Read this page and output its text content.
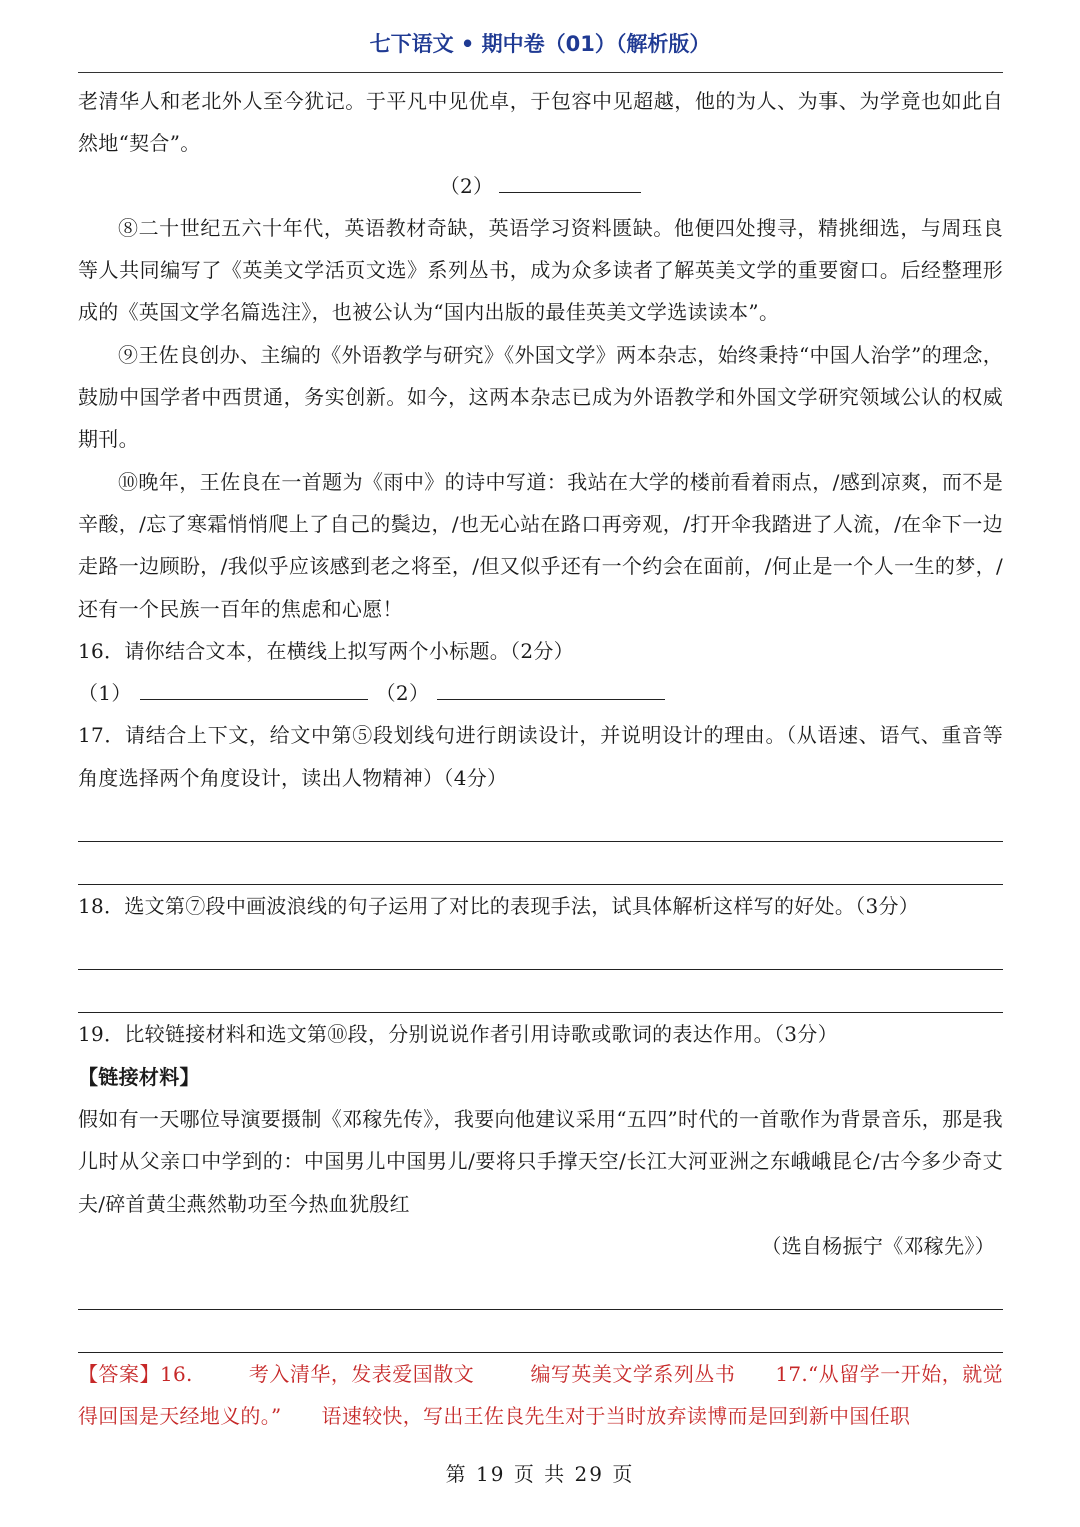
七下语文 • 期中卷（01）（解析版）

老清华人和老北外人至今犹记。于平凡中见优卓，于包容中见超越，他的为人、为事、为学竟也如此自然地“契合”。

（2）

⑧二十世纪五六十年代，英语教材奇缺，英语学习资料匮缺。他便四处搜寻，精挑细选，与周珏良等人共同编写了《英美文学活页文选》系列丛书，成为众多读者了解英美文学的重要窗口。后经整理形成的《英国文学名篇选注》，也被公认为“国内出版的最佳英美文学选读读本”。

⑨王佐良创办、主编的《外语教学与研究》《外国文学》两本杂志，始终秉持“中国人治学”的理念，鼓励中国学者中西贯通，务实创新。如今，这两本杂志已成为外语教学和外国文学研究领域公认的权威期刊。

⑩晚年，王佐良在一首题为《雨中》的诗中写道：我站在大学的楼前看着雨点，/感到凉爽，而不是辛酸，/忘了寒霜悄悄爬上了自己的鬓边，/也无心站在路口再旁观，/打开伞我踏进了人流，/在伞下一边走路一边顾盼，/我似乎应该感到老之将至，/但又似乎还有一个约会在面前，/何止是一个人一生的梦，/还有一个民族一百年的焦虑和心愿！

16．请你结合文本，在横线上拟写两个小标题。（2分）

（1）	（2）

17．请结合上下文，给文中第⑤段划线句进行朗读设计，并说明设计的理由。（从语速、语气、重音等角度选择两个角度设计，读出人物精神）（4分）

18．选文第⑦段中画波浪线的句子运用了对比的表现手法，试具体解析这样写的好处。（3分）

19．比较链接材料和选文第⑩段，分别说说作者引用诗歌或歌词的表达作用。（3分）

【链接材料】

假如有一天哪位导演要摄制《邓稼先传》，我要向他建议采用“五四”时代的一首歌作为背景音乐，那是我儿时从父亲口中学到的：中国男儿中国男儿/要将只手撑天空/长江大河亚洲之东峨峨昆仑/古今多少奇丈夫/碎首黄尘燕然勒功至今热血犹殷红

（选自杨振宁《邓稼先》）

【答案】16.	考入清华，发表爱国散文	编写英美文学系列丛书 17.“从留学一开始，就觉得回国是天经地义的。” 语速较快，写出王佐良先生对于当时放弃读博而是回到新中国任职

第 19 页 共 29 页
